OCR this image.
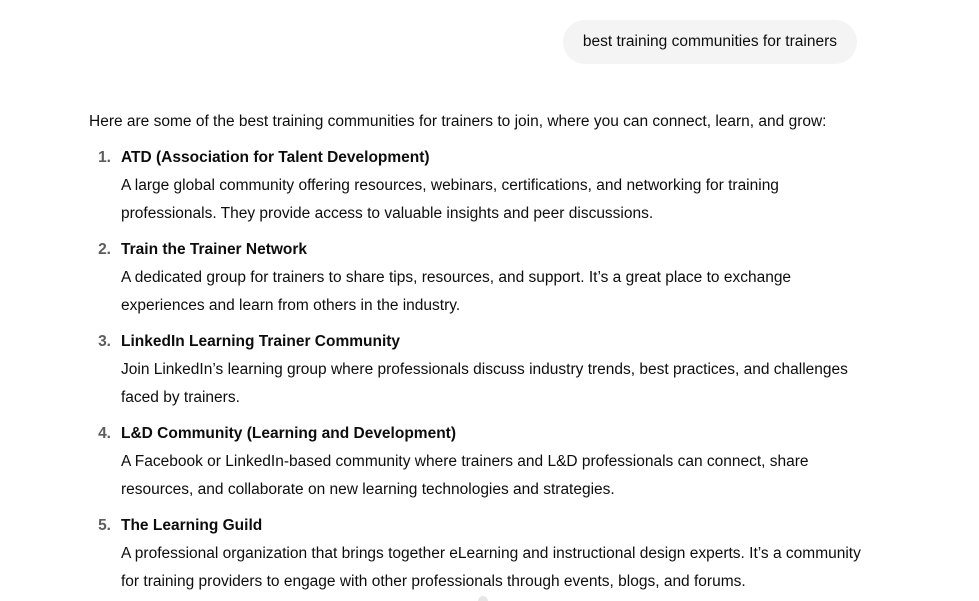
best training communities for trainers

Here are some of the best training communities for trainers to join, where you can connect, learn, and grow:

1. ATD (Association for Talent Development)
A large global community offering resources, webinars, certifications, and networking for training professionals. They provide access to valuable insights and peer discussions.
2. Train the Trainer Network
A dedicated group for trainers to share tips, resources, and support. It’s a great place to exchange experiences and learn from others in the industry.
3. LinkedIn Learning Trainer Community
Join LinkedIn’s learning group where professionals discuss industry trends, best practices, and challenges faced by trainers.
4. L&D Community (Learning and Development)
A Facebook or LinkedIn-based community where trainers and L&D professionals can connect, share resources, and collaborate on new learning technologies and strategies.
5. The Learning Guild
A professional organization that brings together eLearning and instructional design experts. It’s a community for training providers to engage with other professionals through events, blogs, and forums.
